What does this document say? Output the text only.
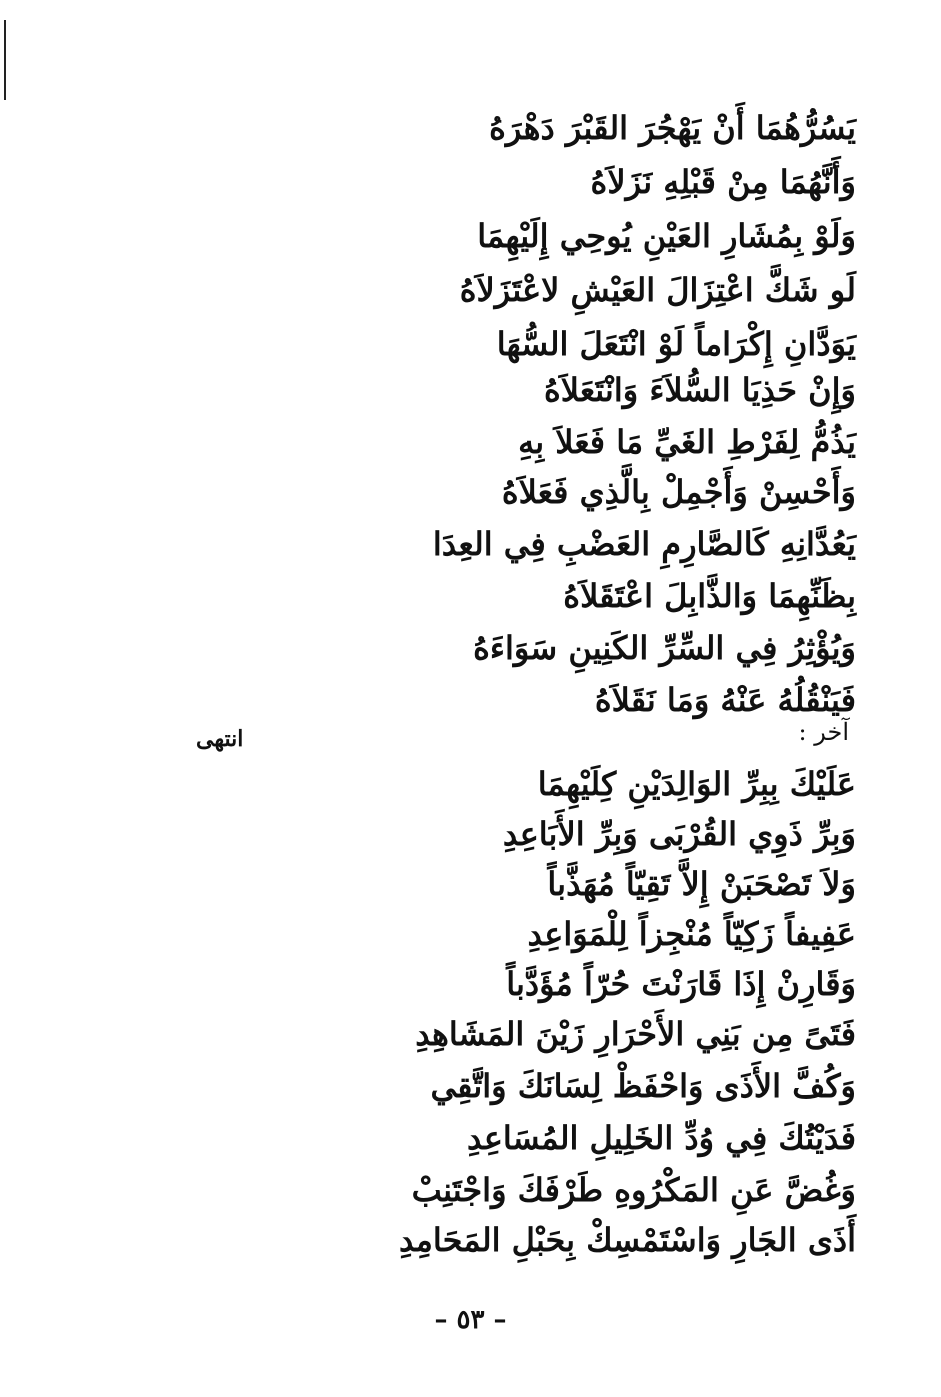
يَسُرُّهُمَا أَنْ يَهْجُرَ القَبْرَ دَهْرَهُ
وَأَنَّهُمَا مِنْ قَبْلِهِ نَزَلاَهُ
وَلَوْ بِمُشَارِ العَيْنِ يُوحِي إِلَيْهِمَا
لَو شَكَّ اعْتِزَالَ العَيْشِ لاعْتَزَلاَهُ
يَوَدَّانِ إِكْرَاماً لَوْ انْتَعَلَ السُّهَا
وَإِنْ حَذِيَا السُّلاَءَ وَانْتَعَلاَهُ
يَذُمُّ لِفَرْطِ الغَيِّ مَا فَعَلاَ بِهِ
وَأَحْسِنْ وَأَجْمِلْ بِالَّذِي فَعَلاَهُ
يَعُدَّانِهِ كَالصَّارِمِ العَضْبِ فِي العِدَا
بِظَنِّهِمَا وَالذَّابِلَ اعْتَقَلاَهُ
وَيُؤْثِرُ فِي السِّرِّ الكَنِينِ سَوَاءَهُ
فَيَنْقُلُهُ عَنْهُ وَمَا نَقَلاَهُ
انتهى	آخر :
عَلَيْكَ بِبِرِّ الوَالِدَيْنِ كِلَيْهِمَا
وَبِرِّ ذَوِي القُرْبَى وَبِرِّ الأَبَاعِدِ
وَلاَ تَصْحَبَنْ إِلاَّ تَقِيّاً مُهَذَّباً
عَفِيفاً زَكِيّاً مُنْجِزاً لِلْمَوَاعِدِ
وَقَارِنْ إِذَا قَارَنْتَ حُرّاً مُؤَدَّباً
فَتَىً مِن بَنِي الأَحْرَارِ زَيْنَ المَشَاهِدِ
وَكُفَّ الأَذَى وَاحْفَظْ لِسَانَكَ وَاتَّقِي
فَدَيْتُكَ فِي وُدِّ الخَلِيلِ المُسَاعِدِ
وَغُضَّ عَنِ المَكْرُوهِ طَرْفَكَ وَاجْتَنِبْ
أَذَى الجَارِ وَاسْتَمْسِكْ بِحَبْلِ المَحَامِدِ
– ٥٣ –
